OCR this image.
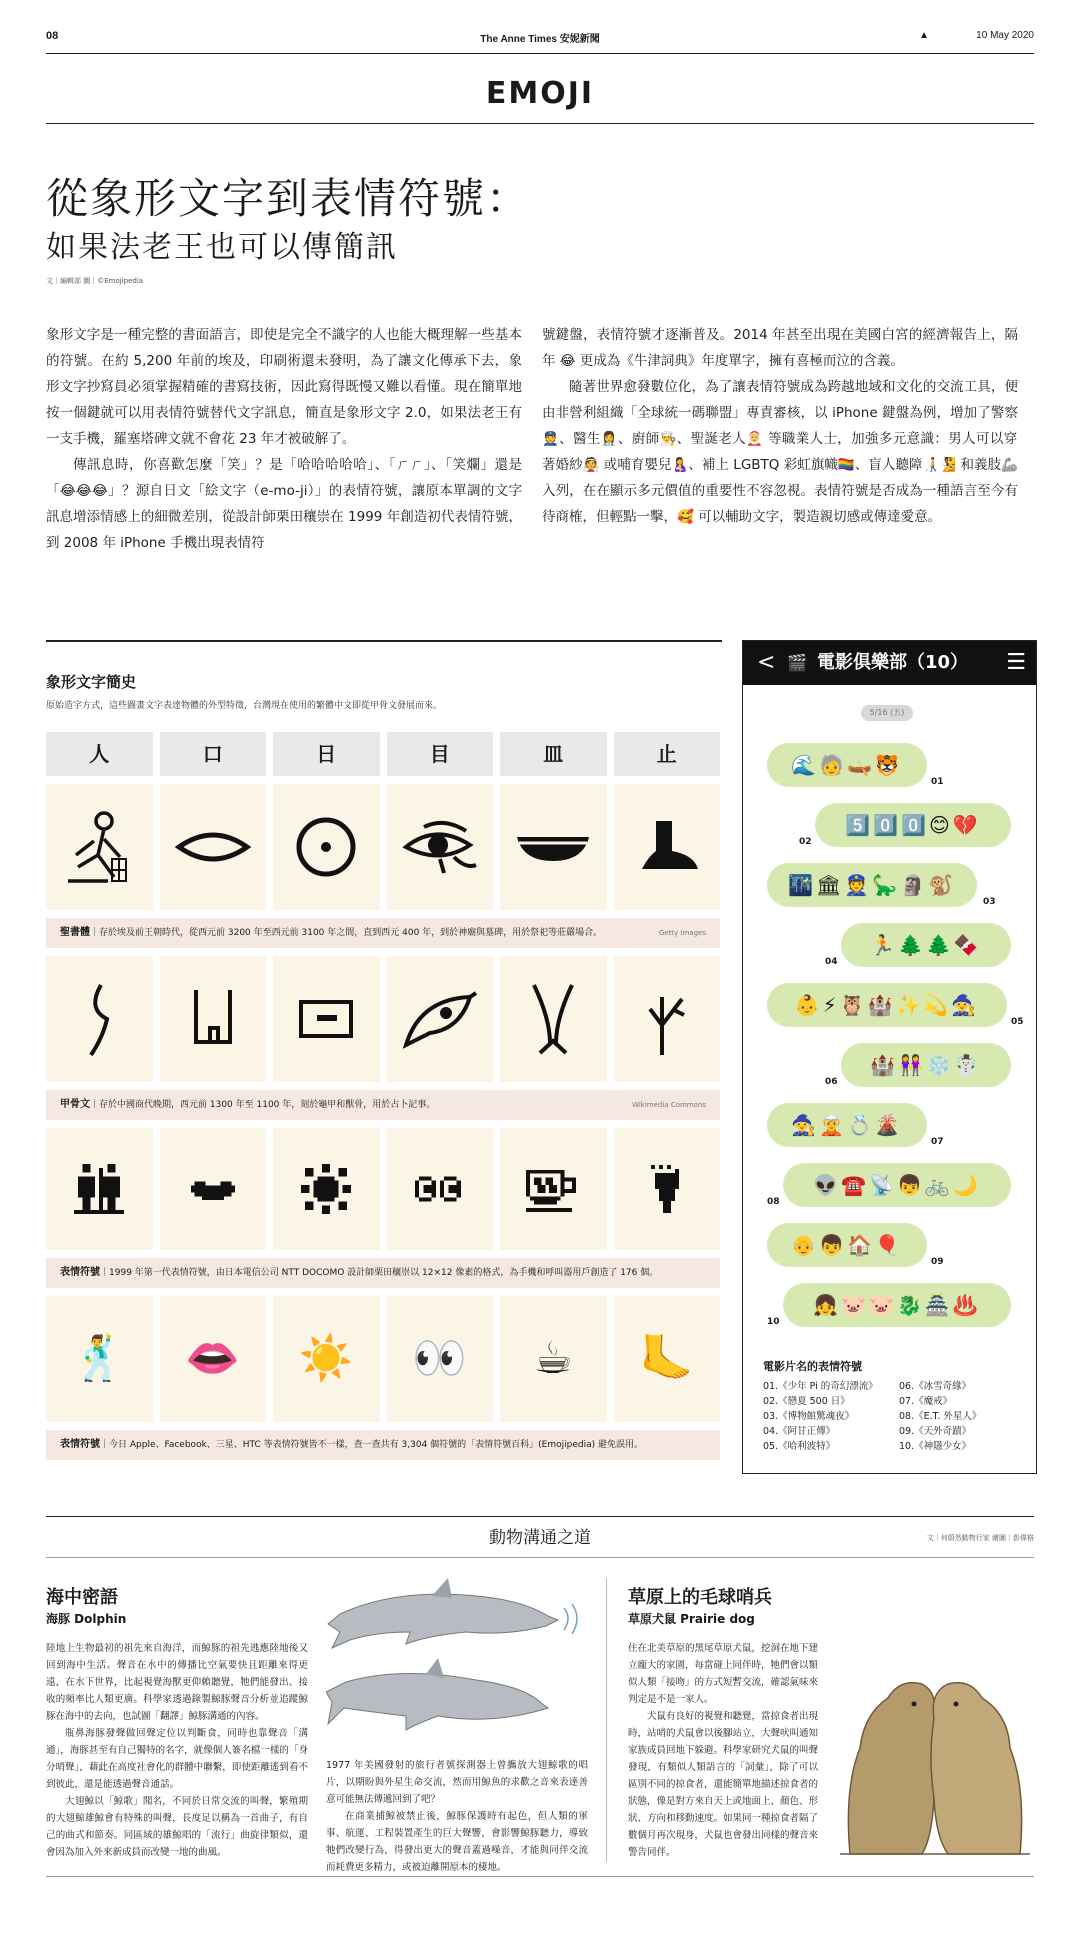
08	The Anne Times 安妮新聞	▲	10 May 2020
EMOJI
從象形文字到表情符號：
如果法老王也可以傳簡訊
文｜編輯部 圖｜©Emojipedia

象形文字是一種完整的書面語言，即使是完全不識字的人也能大概理解一些基本的符號。在約 5,200 年前的埃及，印刷術還未發明，為了讓文化傳承下去，象形文字抄寫員必須掌握精確的書寫技術，因此寫得既慢又難以看懂。現在簡單地按一個鍵就可以用表情符號替代文字訊息，簡直是象形文字 2.0，如果法老王有一支手機，羅塞塔碑文就不會花 23 年才被破解了。

傳訊息時，你喜歡怎麼「笑」？是「哈哈哈哈哈」、「ㄏㄏ」、「笑爛」還是「😂😂😂」？源自日文「絵文字（e-mo-ji）」的表情符號，讓原本單調的文字訊息增添情感上的細微差別，從設計師栗田穰崇在 1999 年創造初代表情符號，到 2008 年 iPhone 手機出現表情符

號鍵盤，表情符號才逐漸普及。2014 年甚至出現在美國白宮的經濟報告上，隔年 😂 更成為《牛津詞典》年度單字，擁有喜極而泣的含義。

隨著世界愈發數位化，為了讓表情符號成為跨越地域和文化的交流工具，便由非營利組織「全球統一碼聯盟」專責審核，以 iPhone 鍵盤為例，增加了警察👮、醫生👩‍⚕️、廚師👨‍🍳、聖誕老人🤶 等職業人士，加強多元意識：男人可以穿著婚紗👰 或哺育嬰兒🤱、補上 LGBTQ 彩虹旗幟🏳️‍🌈、盲人聽障🧑‍🦯🧏 和義肢🦾 入列，在在顯示多元價值的重要性不容忽視。表情符號是否成為一種語言至今有待商榷，但輕點一擊，🥰 可以輔助文字，製造親切感或傳達愛意。

象形文字簡史
原始造字方式，這些圖畫文字表達物體的外型特徵，台灣現在使用的繁體中文即從甲骨文發展而來。
人	口	日	目	皿	止
聖書體｜存於埃及前王朝時代，從西元前 3200 年至西元前 3100 年之間，直到西元 400 年，到於神廟與墓碑，用於祭祀等莊嚴場合。	Getty Images
甲骨文｜存於中國商代晚期，西元前 1300 年至 1100 年，刻於龜甲和獸骨，用於占卜記事。	Wikimedia Commons
表情符號｜1999 年第一代表情符號，由日本電信公司 NTT DOCOMO 設計師栗田穰崇以 12×12 像素的格式，為手機和呼叫器用戶創造了 176 個。
🕺 👄 ☀️ 👀 ☕ 🦶
表情符號｜今日 Apple、Facebook、三星、HTC 等表情符號皆不一樣，查一查共有 3,304 個符號的「表情符號百科」(Emojipedia) 避免誤用。
< 🎬 電影俱樂部（10） ☰
5/16 (五)
🌊🧓🛶🐯
01
5️⃣0️⃣0️⃣😊💔
02
🌃🏛👮🦕🗿🐒
03
🏃🌲🌲🍫
04
👶⚡🦉🏰✨💫🧙
05
🏰👭❄️☃️
06
🧙🧝💍🌋
07
👽☎️📡👦🚲🌙
08
👴👦🏠🎈
09
👧🐷🐷🐉🏯♨️
10
電影片名的表情符號
01.《少年 Pi 的奇幻漂流》
02.《戀夏 500 日》
03.《博物館驚魂夜》
04.《阿甘正傳》
05.《哈利波特》
06.《冰雪奇緣》
07.《魔戒》
08.《E.T. 外星人》
09.《天外奇蹟》
10.《神隱少女》
動物溝通之道	文｜何蔚然動物行家 繪圖｜彭偉格
海中密語
海豚 Dolphin

陸地上生物最初的祖先來自海洋，而鯨豚的祖先逃應陸地後又回到海中生活。聲音在水中的傳播比空氣要快且距離來得更遠，在水下世界，比起視覺海獸更仰賴聽覺，牠們能發出、接收的頻率比人類更廣。科學家透過錄製鯨豚聲音分析並追蹤鯨豚在海中的去向，也試圖「翻譯」鯨豚溝通的內容。

瓶鼻海豚發聲做回聲定位以判斷食，同時也靠聲音「溝通」，海豚甚至有自己獨特的名字，就像個人簽名檔一樣的「身分哨聲」，藉此在高度社會化的群體中聯繫，即使距離遙到看不到彼此，還是能透過聲音通話。

大翅鯨以「鯨歌」聞名，不同於日常交流的叫聲，繁殖期的大翅鯨雄鯨會有特殊的叫聲，長度足以稱為一首曲子，有自己的曲式和節奏。同區域的雄鯨唱的「流行」曲旋律類似，還會因為加入外來新成員而改變一地的曲風。

1977 年美國發射的旅行者號探測器上曾攜放大翅鯨歌的唱片，以期盼與外星生命交流，然而用鯨魚的求歡之音來表達善意可能無法傳遞回到了吧？

在商業捕鯨被禁止後，鯨豚保護時有起色，但人類的軍事、航運、工程裝置產生的巨大聲響，會影響鯨豚聽力，導致牠們改變行為，得發出更大的聲音蓋過噪音，才能與同伴交流而耗費更多精力，或被迫離開原本的棲地。

草原上的毛球哨兵
草原犬鼠 Prairie dog

住在北美草原的黑尾草原犬鼠，挖洞在地下建立龐大的家園，每當碰上同伴時，牠們會以類似人類「接吻」的方式短暫交流，確認氣味來判定是不是一家人。

犬鼠有良好的視覺和聽覺，當掠食者出現時，站哨的犬鼠會以後腳站立，大聲吠叫通知家族成員回地下躲避。科學家研究犬鼠的叫聲發現，有類似人類語言的「詞彙」，除了可以區別不同的掠食者，還能簡單地描述掠食者的狀態，像是對方來自天上或地面上、顏色、形狀、方向和移動速度。如果同一種掠食者隔了數個月再次現身，犬鼠也會發出同樣的聲音來警告同伴。
